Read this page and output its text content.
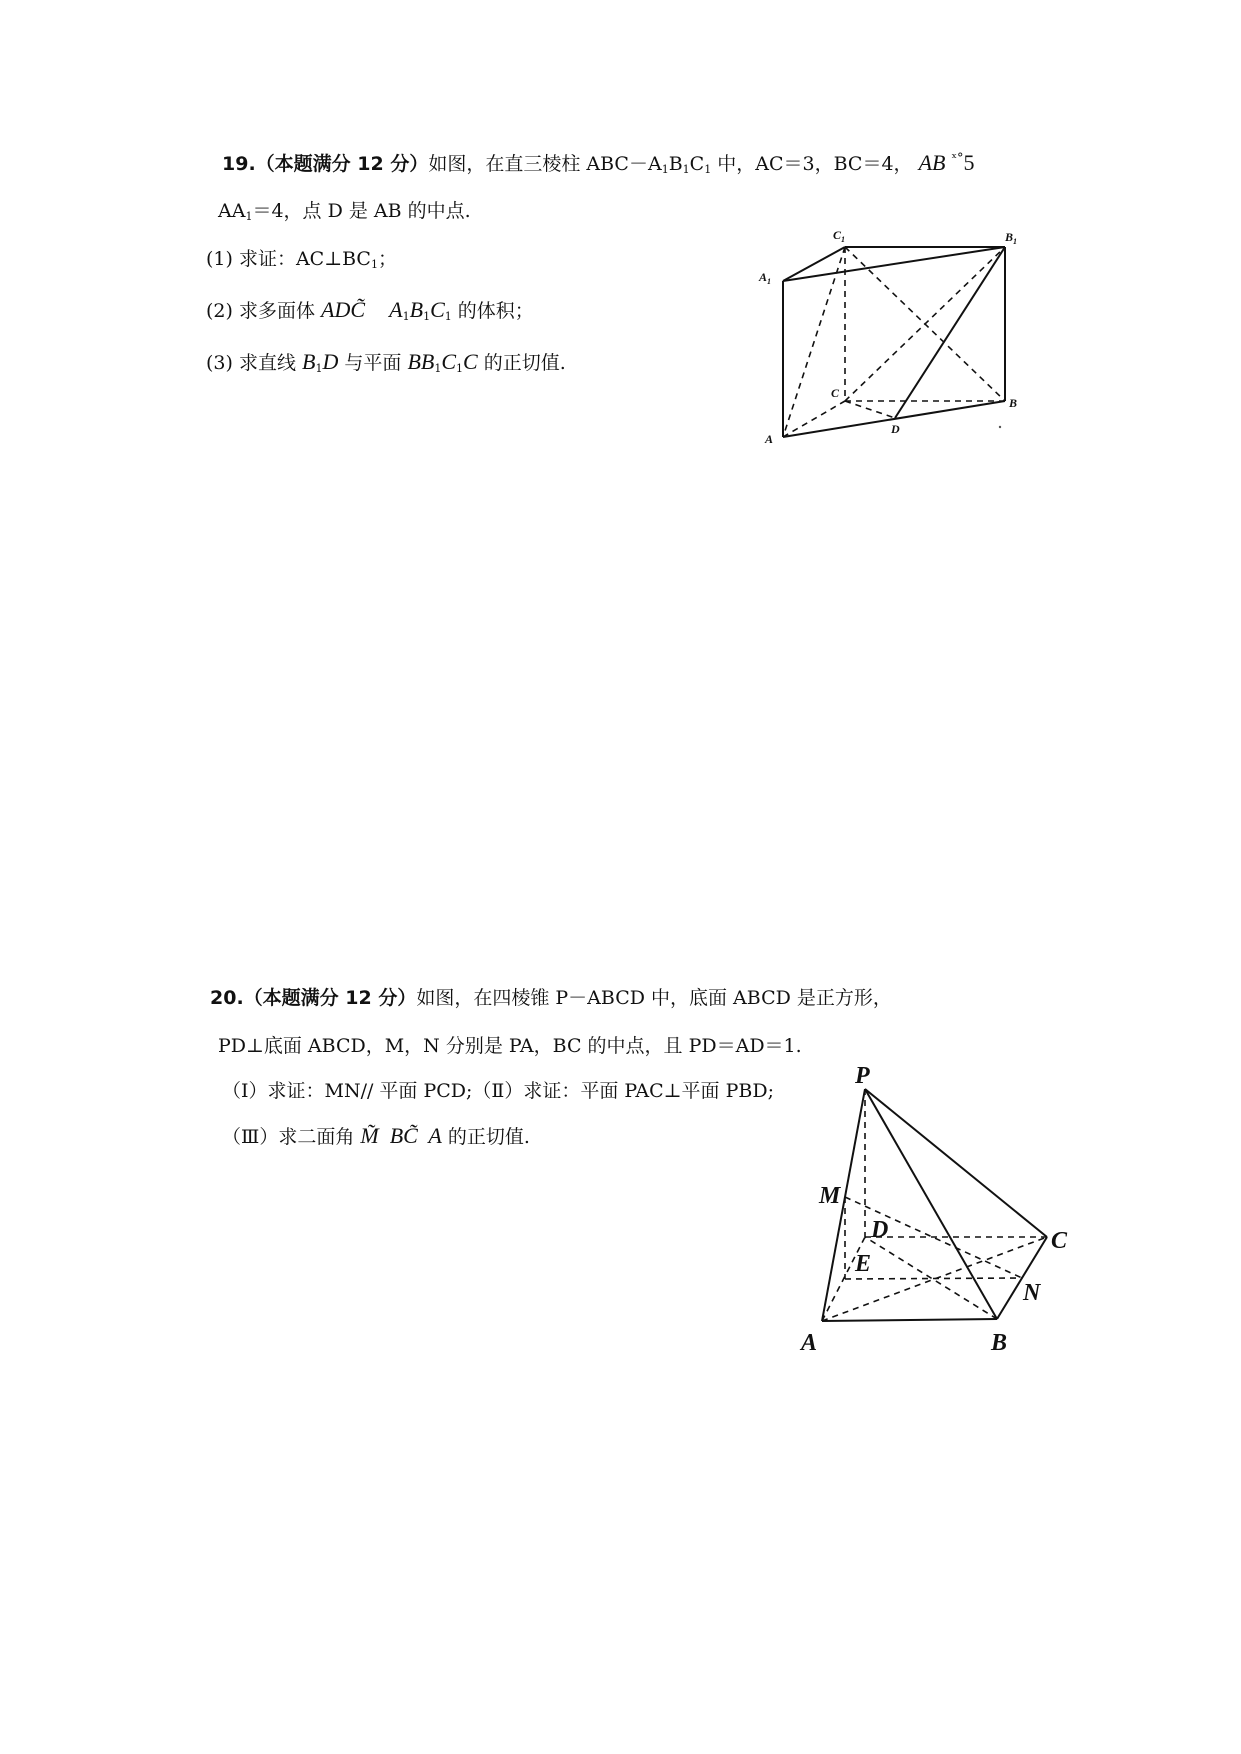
19.（本题满分 12 分）如图，在直三棱柱 $ABC-A_1B_1C_1$ 中，AC＝3，BC＝4， AB $^{ˣ^\circ}$5
$AA_1=4$，点 D 是 AB 的中点.
(1) 求证：$AC\perp BC_1$；
(2) 求多面体 ADC̃ $A_1B_1C_1$ 的体积；
(3) 求直线 $B_1D$ 与平面 $BB_1C_1C$ 的正切值.
$A_1$
$C_1$	$B_1$
C
B
D
A
20.（本题满分 12 分）如图，在四棱锥 P－ABCD 中，底面 ABCD 是正方形，
PD⊥底面 ABCD，M，N 分别是 PA，BC 的中点，且 PD＝AD＝1.
（Ⅰ）求证：MN// 平面 PCD;（Ⅱ）求证：平面 PAC⊥平面 PBD;
（Ⅲ）求二面角 M̃  BC̃  A 的正切值.
P
M
D
E
C
N
A	B
